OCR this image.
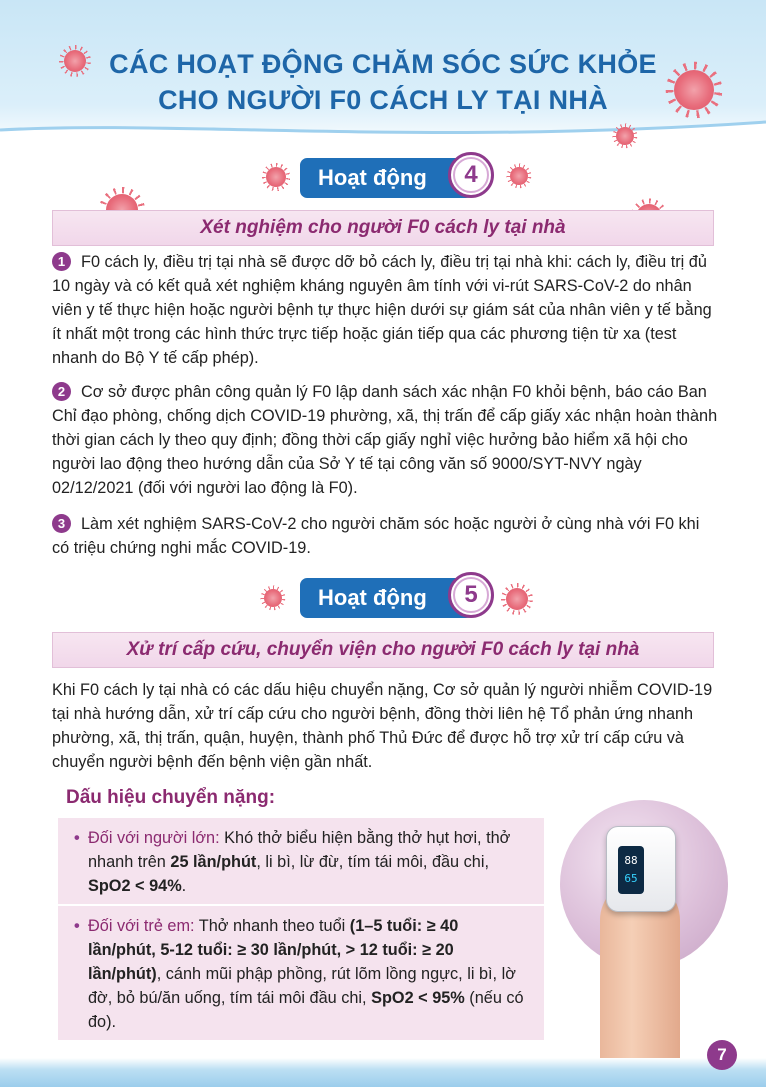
CÁC HOẠT ĐỘNG CHĂM SÓC SỨC KHỎE
CHO NGƯỜI F0 CÁCH LY TẠI NHÀ
Hoạt động	4
Xét nghiệm cho người F0 cách ly tại nhà
1 F0 cách ly, điều trị tại nhà sẽ được dỡ bỏ cách ly, điều trị tại nhà khi: cách ly, điều trị đủ 10 ngày và có kết quả xét nghiệm kháng nguyên âm tính với vi-rút SARS-CoV-2 do nhân viên y tế thực hiện hoặc người bệnh tự thực hiện dưới sự giám sát của nhân viên y tế bằng ít nhất một trong các hình thức trực tiếp hoặc gián tiếp qua các phương tiện từ xa (test nhanh do Bộ Y tế cấp phép).
2 Cơ sở được phân công quản lý F0 lập danh sách xác nhận F0 khỏi bệnh, báo cáo Ban Chỉ đạo phòng, chống dịch COVID-19 phường, xã, thị trấn để cấp giấy xác nhận hoàn thành thời gian cách ly theo quy định; đồng thời cấp giấy nghỉ việc hưởng bảo hiểm xã hội cho người lao động theo hướng dẫn của Sở Y tế tại công văn số 9000/SYT-NVY ngày 02/12/2021 (đối với người lao động là F0).
3 Làm xét nghiệm SARS-CoV-2 cho người chăm sóc hoặc người ở cùng nhà với F0 khi có triệu chứng nghi mắc COVID-19.
Hoạt động	5
Xử trí cấp cứu, chuyển viện cho người F0 cách ly tại nhà
Khi F0 cách ly tại nhà có các dấu hiệu chuyển nặng, Cơ sở quản lý người nhiễm COVID-19 tại nhà hướng dẫn, xử trí cấp cứu cho người bệnh, đồng thời liên hệ Tổ phản ứng nhanh phường, xã, thị trấn, quận, huyện, thành phố Thủ Đức để được hỗ trợ xử trí cấp cứu và chuyển người bệnh đến bệnh viện gần nhất.
Dấu hiệu chuyển nặng:
• Đối với người lớn: Khó thở biểu hiện bằng thở hụt hơi, thở nhanh trên 25 lần/phút, li bì, lừ đừ, tím tái môi, đầu chi, SpO2 < 94%.
• Đối với trẻ em: Thở nhanh theo tuổi (1–5 tuổi: ≥ 40 lần/phút, 5-12 tuổi: ≥ 30 lần/phút, > 12 tuổi: ≥ 20 lần/phút), cánh mũi phập phồng, rút lõm lồng ngực, li bì, lờ đờ, bỏ bú/ăn uống, tím tái môi đầu chi, SpO2 < 95% (nếu có đo).
88
65
7
